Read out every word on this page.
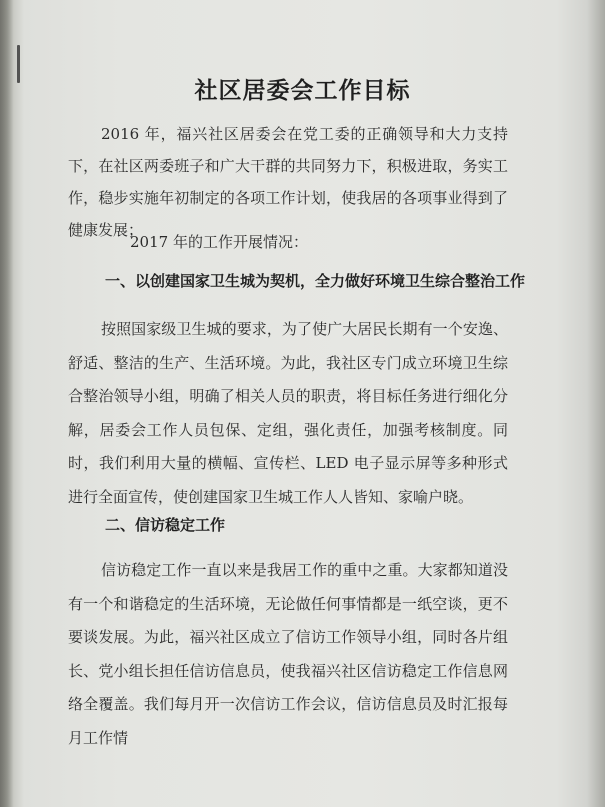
社区居委会工作目标
2016 年，福兴社区居委会在党工委的正确领导和大力支持下，在社区两委班子和广大干群的共同努力下，积极进取，务实工作，稳步实施年初制定的各项工作计划，使我居的各项事业得到了健康发展；
2017 年的工作开展情况：
一、以创建国家卫生城为契机，全力做好环境卫生综合整治工作
按照国家级卫生城的要求，为了使广大居民长期有一个安逸、舒适、整洁的生产、生活环境。为此，我社区专门成立环境卫生综合整治领导小组，明确了相关人员的职责，将目标任务进行细化分解，居委会工作人员包保、定组，强化责任，加强考核制度。同时，我们利用大量的横幅、宣传栏、LED 电子显示屏等多种形式进行全面宣传，使创建国家卫生城工作人人皆知、家喻户晓。
二、信访稳定工作
信访稳定工作一直以来是我居工作的重中之重。大家都知道没有一个和谐稳定的生活环境，无论做任何事情都是一纸空谈，更不要谈发展。为此，福兴社区成立了信访工作领导小组，同时各片组长、党小组长担任信访信息员，使我福兴社区信访稳定工作信息网络全覆盖。我们每月开一次信访工作会议，信访信息员及时汇报每月工作情
